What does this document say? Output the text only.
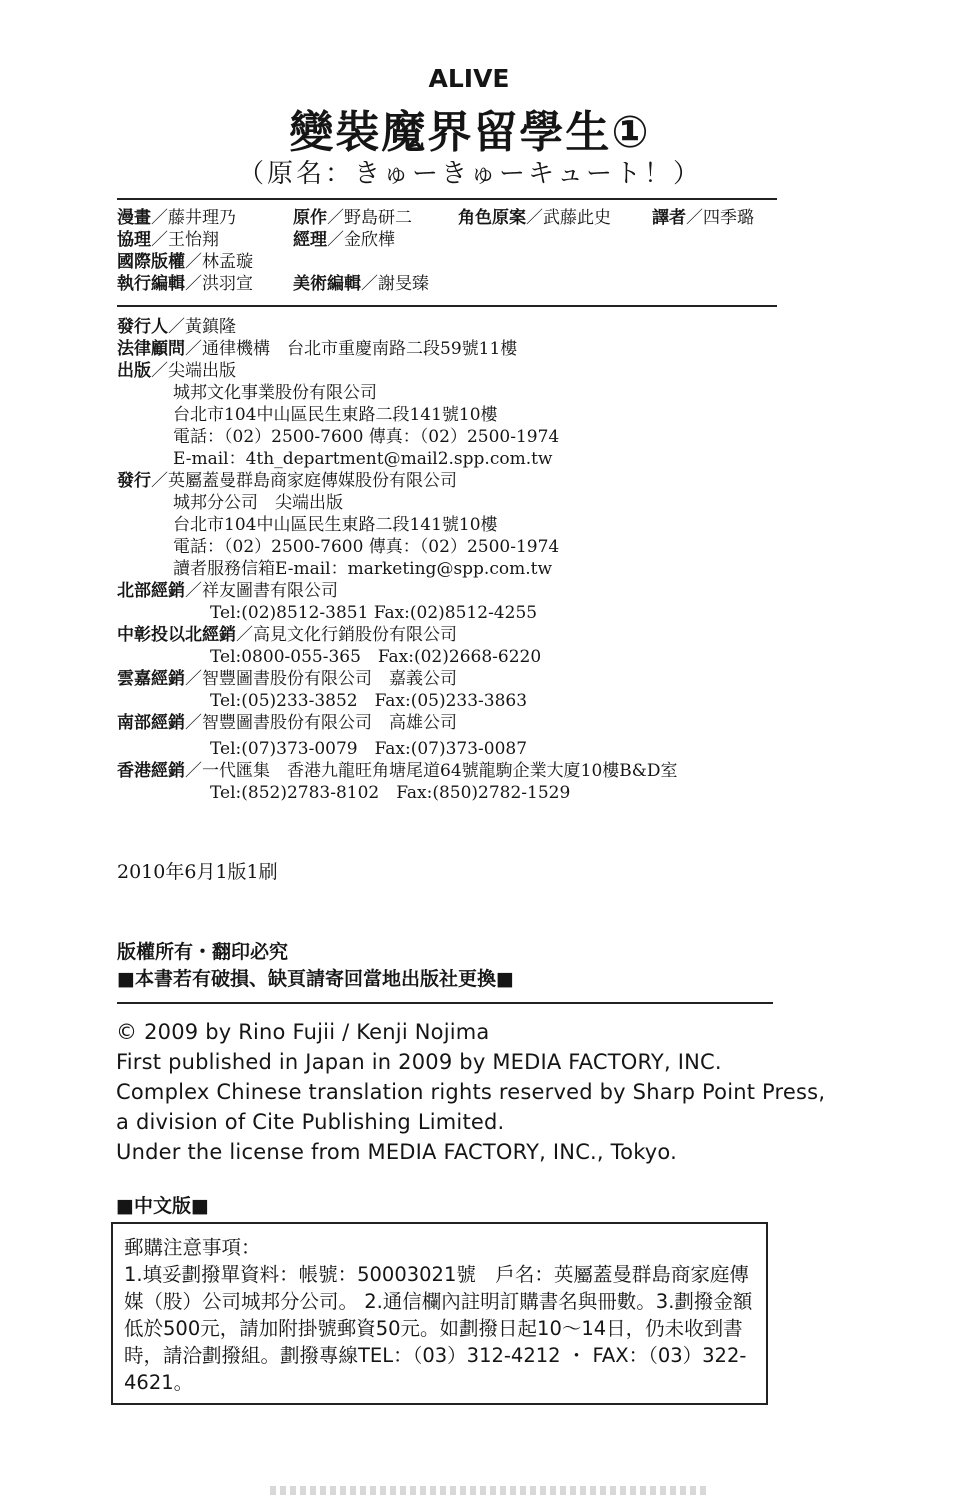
ALIVE
變裝魔界留學生①
（原名：きゅーきゅーキュート！）
漫畫／藤井理乃	原作／野島研二	角色原案／武藤此史 譯者／四季璐
協理／王怡翔	經理／金欣樺
國際版權／林孟璇
執行編輯／洪羽宣 美術編輯／謝旻臻
發行人／黃鎮隆
法律顧問／通律機構　台北市重慶南路二段59號11樓
出版／尖端出版
城邦文化事業股份有限公司
台北市104中山區民生東路二段141號10樓
電話：（02）2500-7600 傳真：（02）2500-1974
E-mail：4th_department@mail2.spp.com.tw
發行／英屬蓋曼群島商家庭傳媒股份有限公司
城邦分公司　尖端出版
台北市104中山區民生東路二段141號10樓
電話：（02）2500-7600 傳真：（02）2500-1974
讀者服務信箱E-mail：marketing@spp.com.tw
北部經銷／祥友圖書有限公司
Tel:(02)8512-3851 Fax:(02)8512-4255
中彰投以北經銷／高見文化行銷股份有限公司
Tel:0800-055-365　Fax:(02)2668-6220
雲嘉經銷／智豐圖書股份有限公司　嘉義公司
Tel:(05)233-3852　Fax:(05)233-3863
南部經銷／智豐圖書股份有限公司　高雄公司
Tel:(07)373-0079　Fax:(07)373-0087
香港經銷／一代匯集　香港九龍旺角塘尾道64號龍駒企業大廈10樓B&D室
Tel:(852)2783-8102　Fax:(850)2782-1529
2010年6月1版1刷
版權所有・翻印必究
■本書若有破損、缺頁請寄回當地出版社更換■
© 2009 by Rino Fujii / Kenji Nojima
First published in Japan in 2009 by MEDIA FACTORY, INC.
Complex Chinese translation rights reserved by Sharp Point Press,
a division of Cite Publishing Limited.
Under the license from MEDIA FACTORY, INC., Tokyo.
■中文版■
郵購注意事項：
1.填妥劃撥單資料：帳號：50003021號　戶名：英屬蓋曼群島商家庭傳媒（股）公司城邦分公司。 2.通信欄內註明訂購書名與冊數。3.劃撥金額低於500元，請加附掛號郵資50元。如劃撥日起10〜14日，仍未收到書時，請洽劃撥組。劃撥專線TEL：（03）312-4212 ・ FAX：（03）322-4621。
